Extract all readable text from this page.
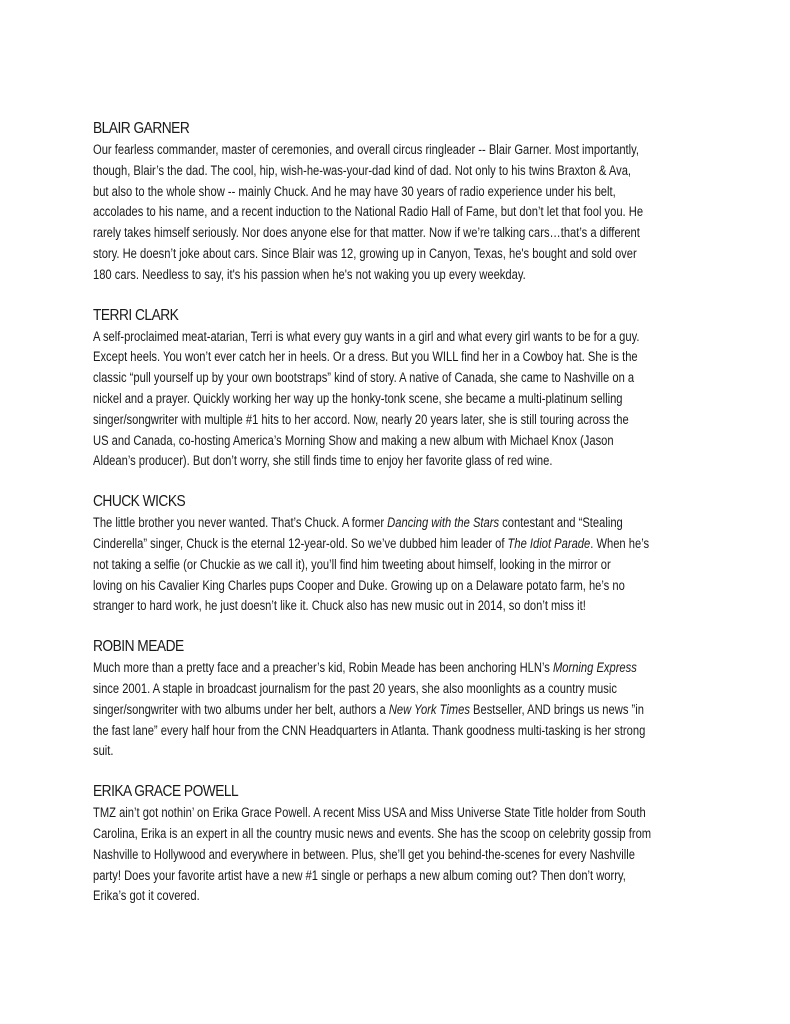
BLAIR GARNER

Our fearless commander, master of ceremonies, and overall circus ringleader -- Blair Garner. Most importantly,
though, Blair’s the dad. The cool, hip, wish-he-was-your-dad kind of dad. Not only to his twins Braxton & Ava,
but also to the whole show -- mainly Chuck. And he may have 30 years of radio experience under his belt,
accolades to his name, and a recent induction to the National Radio Hall of Fame, but don’t let that fool you. He
rarely takes himself seriously. Nor does anyone else for that matter. Now if we’re talking cars…that’s a different
story. He doesn’t joke about cars. Since Blair was 12, growing up in Canyon, Texas, he's bought and sold over
180 cars. Needless to say, it's his passion when he's not waking you up every weekday.

TERRI CLARK

A self-proclaimed meat-atarian, Terri is what every guy wants in a girl and what every girl wants to be for a guy.
Except heels. You won’t ever catch her in heels. Or a dress. But you WILL find her in a Cowboy hat. She is the
classic “pull yourself up by your own bootstraps” kind of story. A native of Canada, she came to Nashville on a
nickel and a prayer. Quickly working her way up the honky-tonk scene, she became a multi-platinum selling
singer/songwriter with multiple #1 hits to her accord. Now, nearly 20 years later, she is still touring across the
US and Canada, co-hosting America’s Morning Show and making a new album with Michael Knox (Jason
Aldean’s producer). But don’t worry, she still finds time to enjoy her favorite glass of red wine.

CHUCK WICKS

The little brother you never wanted. That’s Chuck. A former Dancing with the Stars contestant and “Stealing
Cinderella” singer, Chuck is the eternal 12-year-old. So we’ve dubbed him leader of The Idiot Parade. When he’s
not taking a selfie (or Chuckie as we call it), you’ll find him tweeting about himself, looking in the mirror or
loving on his Cavalier King Charles pups Cooper and Duke. Growing up on a Delaware potato farm, he’s no
stranger to hard work, he just doesn’t like it. Chuck also has new music out in 2014, so don’t miss it!

ROBIN MEADE

Much more than a pretty face and a preacher’s kid, Robin Meade has been anchoring HLN’s Morning Express
since 2001. A staple in broadcast journalism for the past 20 years, she also moonlights as a country music
singer/songwriter with two albums under her belt, authors a New York Times Bestseller, AND brings us news ”in
the fast lane” every half hour from the CNN Headquarters in Atlanta. Thank goodness multi-tasking is her strong
suit.

ERIKA GRACE POWELL

TMZ ain’t got nothin’ on Erika Grace Powell. A recent Miss USA and Miss Universe State Title holder from South
Carolina, Erika is an expert in all the country music news and events. She has the scoop on celebrity gossip from
Nashville to Hollywood and everywhere in between. Plus, she’ll get you behind-the-scenes for every Nashville
party! Does your favorite artist have a new #1 single or perhaps a new album coming out? Then don’t worry,
Erika’s got it covered.
